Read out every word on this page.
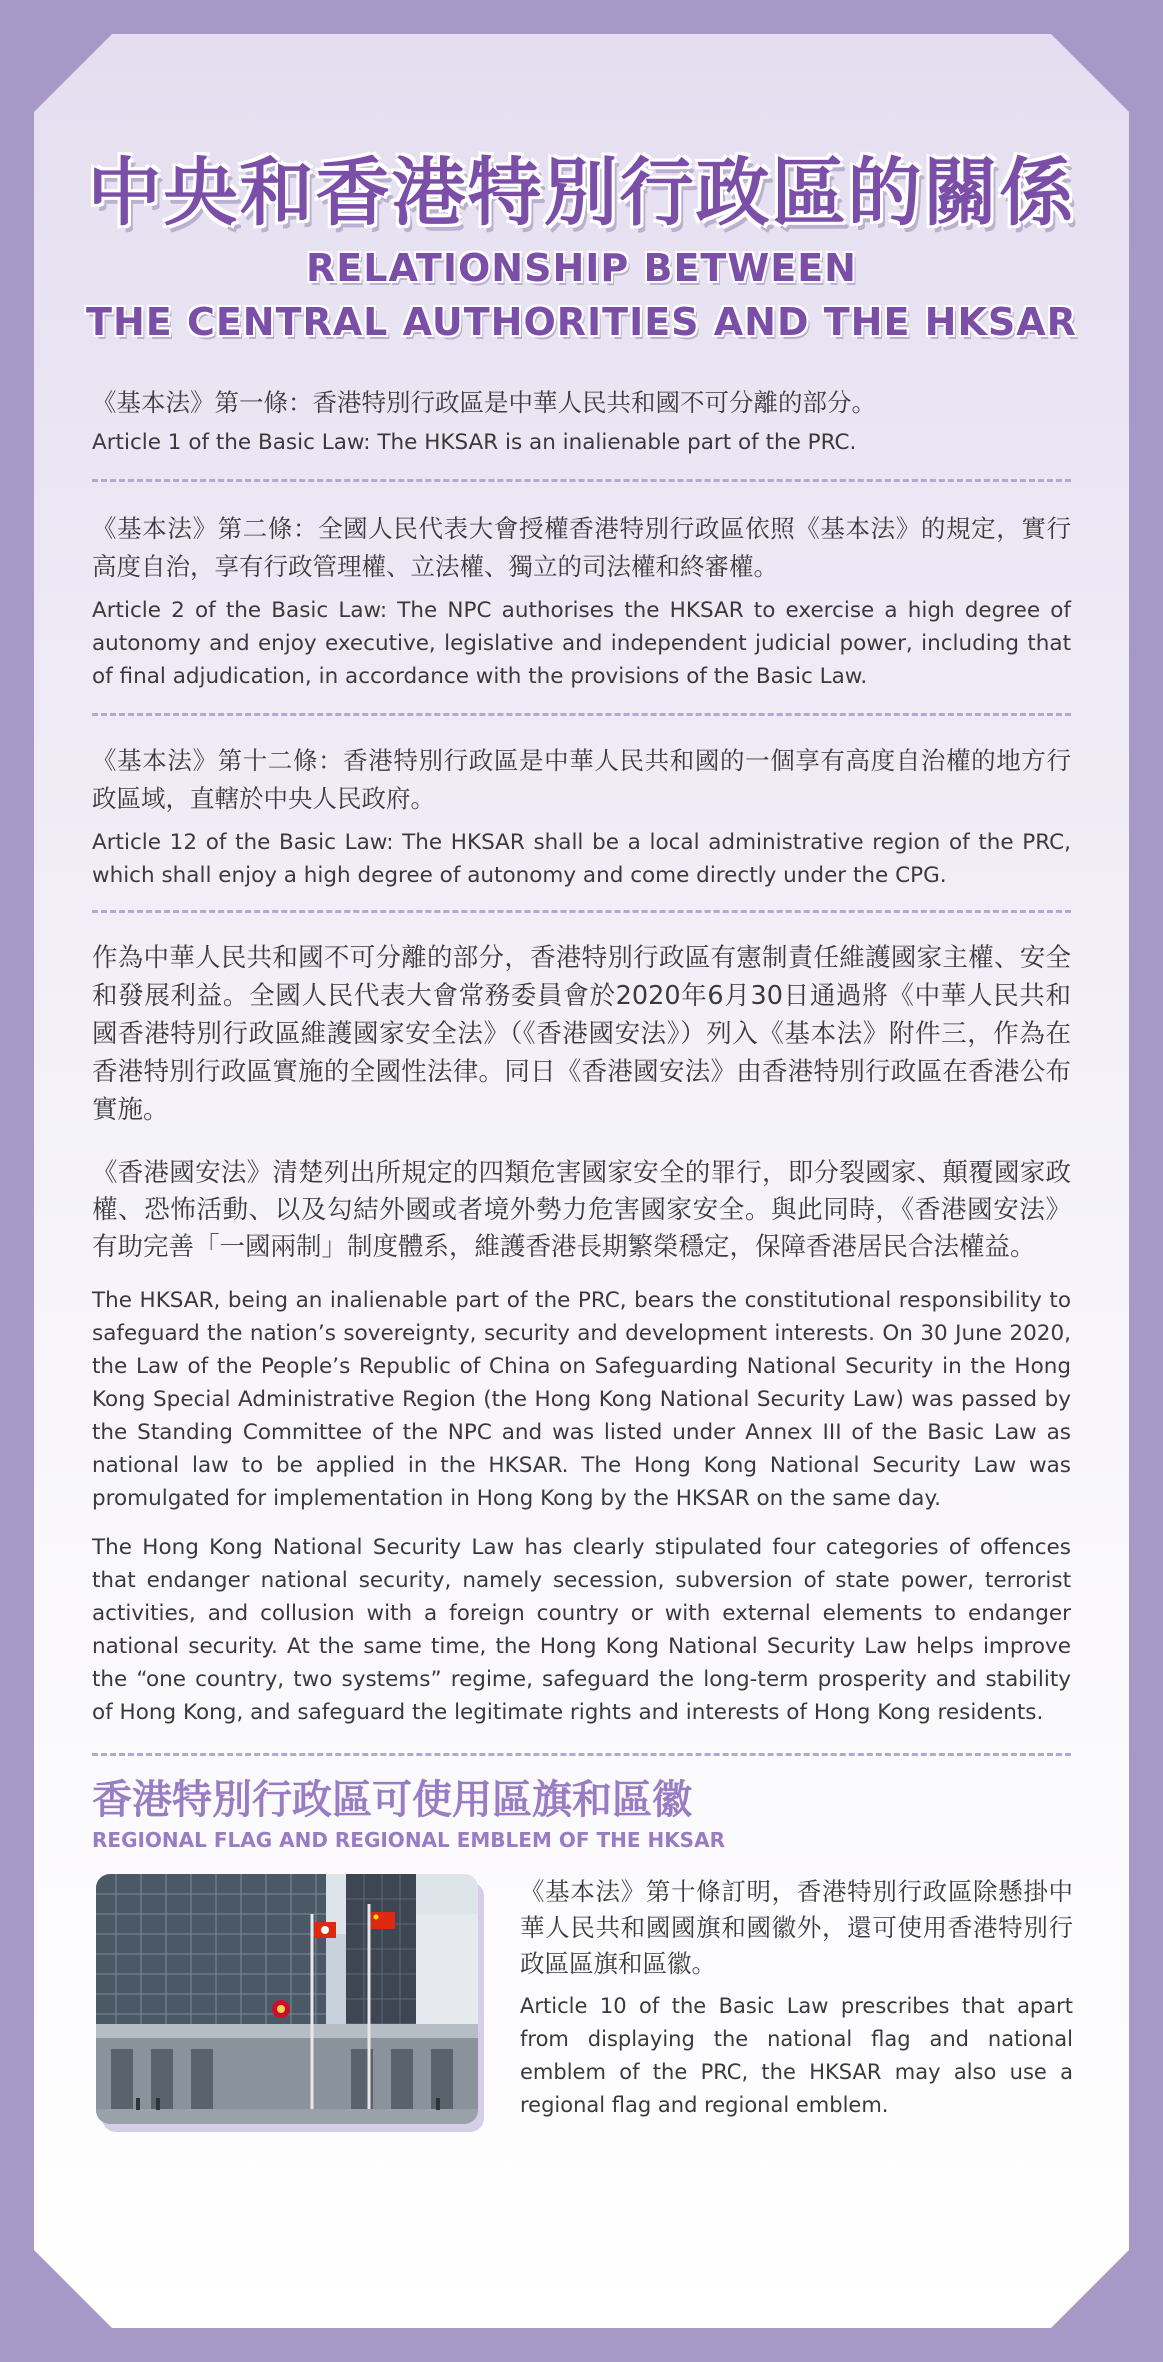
中央和香港特別行政區的關係
RELATIONSHIP BETWEEN
THE CENTRAL AUTHORITIES AND THE HKSAR

《基本法》第一條：香港特別行政區是中華人民共和國不可分離的部分。

Article 1 of the Basic Law: The HKSAR is an inalienable part of the PRC.

《基本法》第二條：全國人民代表大會授權香港特別行政區依照《基本法》的規定，實行高度自治，享有行政管理權、立法權、獨立的司法權和終審權。

Article 2 of the Basic Law: The NPC authorises the HKSAR to exercise a high degree of autonomy and enjoy executive, legislative and independent judicial power, including that of final adjudication, in accordance with the provisions of the Basic Law.

《基本法》第十二條：香港特別行政區是中華人民共和國的一個享有高度自治權的地方行政區域，直轄於中央人民政府。

Article 12 of the Basic Law: The HKSAR shall be a local administrative region of the PRC, which shall enjoy a high degree of autonomy and come directly under the CPG.

作為中華人民共和國不可分離的部分，香港特別行政區有憲制責任維護國家主權、安全和發展利益。全國人民代表大會常務委員會於2020年6月30日通過將《中華人民共和國香港特別行政區維護國家安全法》（《香港國安法》）列入《基本法》附件三，作為在香港特別行政區實施的全國性法律。同日《香港國安法》由香港特別行政區在香港公布實施。

《香港國安法》清楚列出所規定的四類危害國家安全的罪行，即分裂國家、顛覆國家政權、恐怖活動、以及勾結外國或者境外勢力危害國家安全。與此同時，《香港國安法》有助完善「一國兩制」制度體系，維護香港長期繁榮穩定，保障香港居民合法權益。

The HKSAR, being an inalienable part of the PRC, bears the constitutional responsibility to safeguard the nation’s sovereignty, security and development interests. On 30 June 2020, the Law of the People’s Republic of China on Safeguarding National Security in the Hong Kong Special Administrative Region (the Hong Kong National Security Law) was passed by the Standing Committee of the NPC and was listed under Annex III of the Basic Law as national law to be applied in the HKSAR. The Hong Kong National Security Law was promulgated for implementation in Hong Kong by the HKSAR on the same day.

The Hong Kong National Security Law has clearly stipulated four categories of offences that endanger national security, namely secession, subversion of state power, terrorist activities, and collusion with a foreign country or with external elements to endanger national security. At the same time, the Hong Kong National Security Law helps improve the “one country, two systems” regime, safeguard the long-term prosperity and stability of Hong Kong, and safeguard the legitimate rights and interests of Hong Kong residents.

香港特別行政區可使用區旗和區徽

REGIONAL FLAG AND REGIONAL EMBLEM OF THE HKSAR

《基本法》第十條訂明，香港特別行政區除懸掛中華人民共和國國旗和國徽外，還可使用香港特別行政區區旗和區徽。

Article 10 of the Basic Law prescribes that apart from displaying the national flag and national emblem of the PRC, the HKSAR may also use a regional flag and regional emblem.
